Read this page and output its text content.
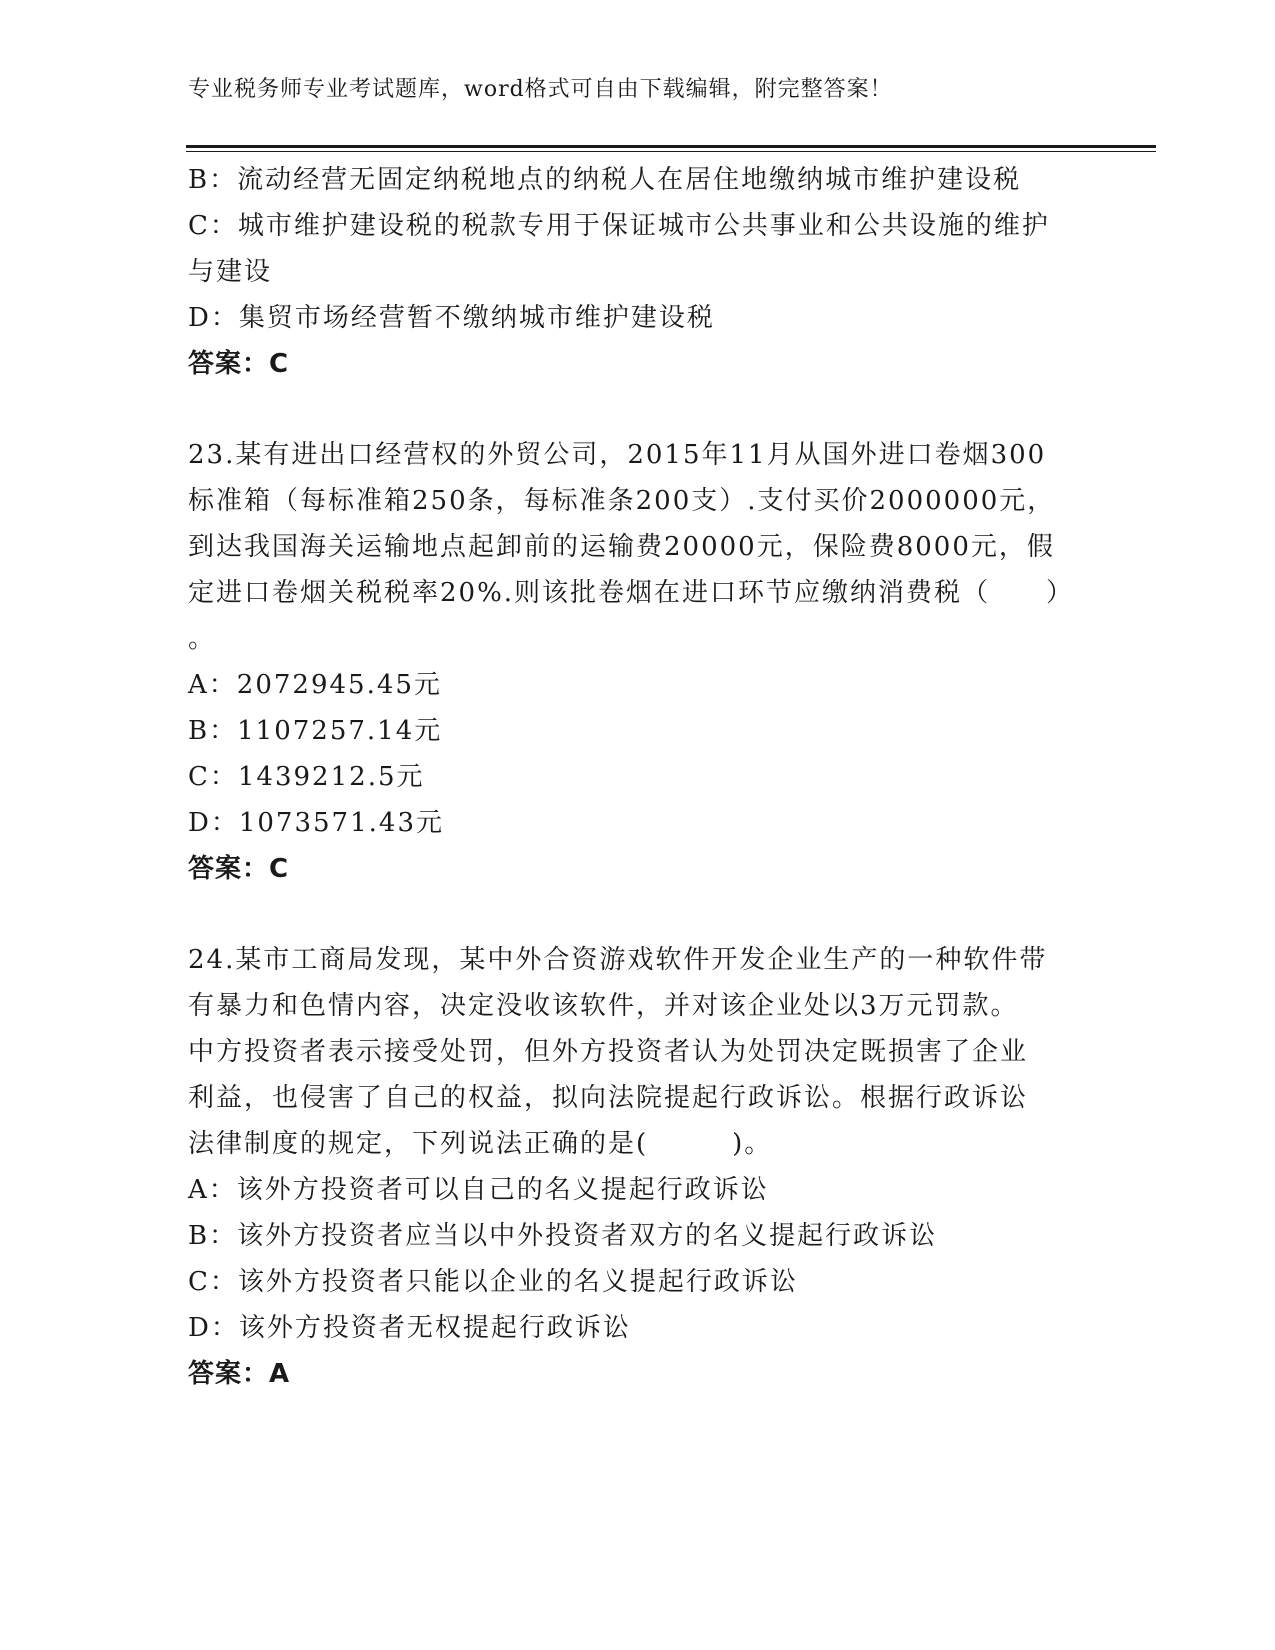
专业税务师专业考试题库，word格式可自由下载编辑，附完整答案！
B：流动经营无固定纳税地点的纳税人在居住地缴纳城市维护建设税
C：城市维护建设税的税款专用于保证城市公共事业和公共设施的维护
与建设
D：集贸市场经营暂不缴纳城市维护建设税
答案：C
23.某有进出口经营权的外贸公司，2015年11月从国外进口卷烟300
标准箱（每标准箱250条，每标准条200支）.支付买价2000000元，
到达我国海关运输地点起卸前的运输费20000元，保险费8000元，假
定进口卷烟关税税率20%.则该批卷烟在进口环节应缴纳消费税（　　）
。
A：2072945.45元
B：1107257.14元
C：1439212.5元
D：1073571.43元
答案：C
24.某市工商局发现，某中外合资游戏软件开发企业生产的一种软件带
有暴力和色情内容，决定没收该软件，并对该企业处以3万元罚款。
中方投资者表示接受处罚，但外方投资者认为处罚决定既损害了企业
利益，也侵害了自己的权益，拟向法院提起行政诉讼。根据行政诉讼
法律制度的规定，下列说法正确的是(　　　)。
A：该外方投资者可以自己的名义提起行政诉讼
B：该外方投资者应当以中外投资者双方的名义提起行政诉讼
C：该外方投资者只能以企业的名义提起行政诉讼
D：该外方投资者无权提起行政诉讼
答案：A
